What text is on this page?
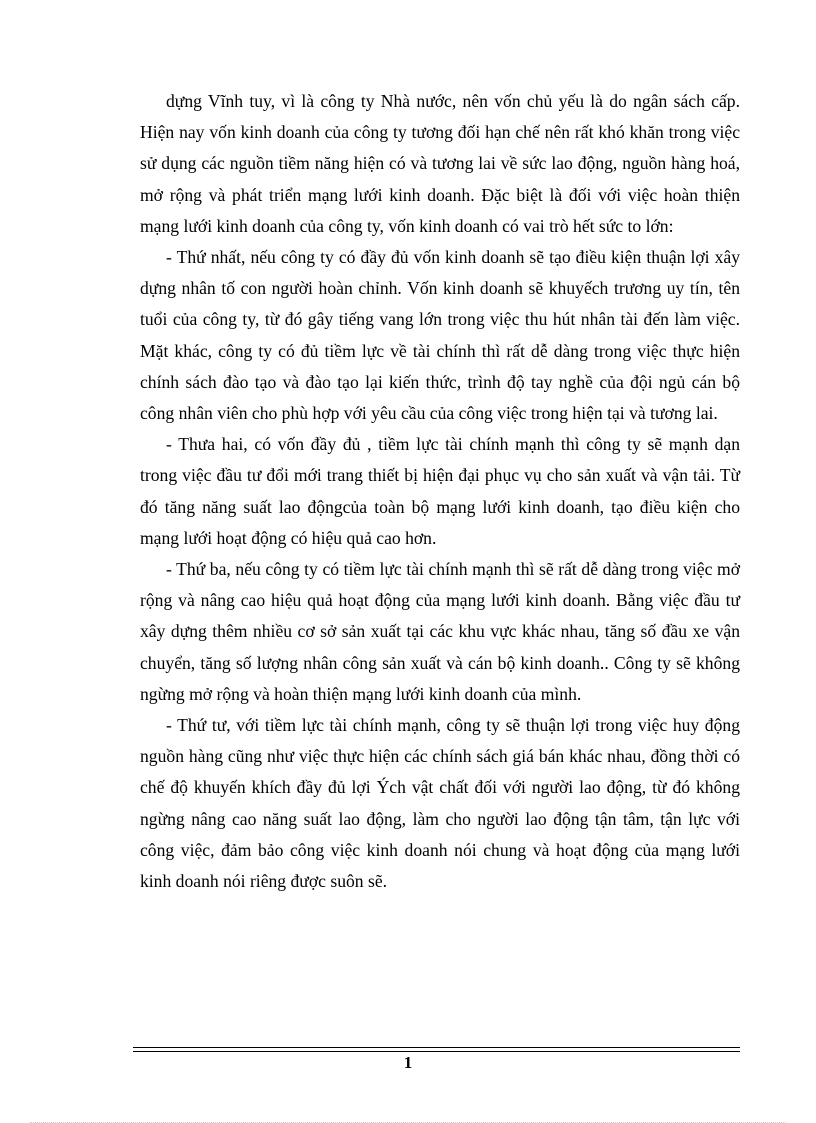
dựng Vĩnh tuy, vì là công ty Nhà nước, nên vốn chủ yếu là do ngân sách cấp. Hiện nay vốn kinh doanh của công ty tương đối hạn chế nên rất khó khăn trong việc sử dụng các nguồn tiềm năng hiện có và tương lai về sức lao động, nguồn hàng hoá, mở rộng và phát triển mạng lưới kinh doanh. Đặc biệt là đối với việc hoàn thiện mạng lưới kinh doanh của công ty, vốn kinh doanh có vai trò hết sức to lớn:

- Thứ nhất, nếu công ty có đầy đủ vốn kinh doanh sẽ tạo điều kiện thuận lợi xây dựng nhân tố con người hoàn chỉnh. Vốn kinh doanh sẽ khuyếch trương uy tín, tên tuổi của công ty, từ đó gây tiếng vang lớn trong việc thu hút nhân tài đến làm việc. Mặt khác, công ty có đủ tiềm lực về tài chính thì rất dễ dàng trong việc thực hiện chính sách đào tạo và đào tạo lại kiến thức, trình độ tay nghề của đội ngủ cán bộ công nhân viên cho phù hợp với yêu cầu của công việc trong hiện tại và tương lai.

- Thưa hai, có vốn đầy đủ , tiềm lực tài chính mạnh thì công ty sẽ mạnh dạn trong việc đầu tư đổi mới trang thiết bị hiện đại phục vụ cho sản xuất và vận tải. Từ đó tăng năng suất lao độngcủa toàn bộ mạng lưới kinh doanh, tạo điều kiện cho mạng lưới hoạt động có hiệu quả cao hơn.

- Thứ ba, nếu công ty có tiềm lực tài chính mạnh thì sẽ rất dễ dàng trong việc mở rộng và nâng cao hiệu quả hoạt động của mạng lưới kinh doanh. Bằng việc đầu tư xây dựng thêm nhiều cơ sở sản xuất tại các khu vực khác nhau, tăng số đầu xe vận chuyển, tăng số lượng nhân công sản xuất và cán bộ kinh doanh.. Công ty sẽ không ngừng mở rộng và hoàn thiện mạng lưới kinh doanh của mình.

- Thứ tư, với tiềm lực tài chính mạnh, công ty sẽ thuận lợi trong việc huy động nguồn hàng cũng như việc thực hiện các chính sách giá bán khác nhau, đồng thời có chế độ khuyến khích đầy đủ lợi Ých vật chất đối với người lao động, từ đó không ngừng nâng cao năng suất lao động, làm cho người lao động tận tâm, tận lực với công việc, đảm bảo công việc kinh doanh nói chung và hoạt động của mạng lưới kinh doanh nói riêng được suôn sẽ.

1
